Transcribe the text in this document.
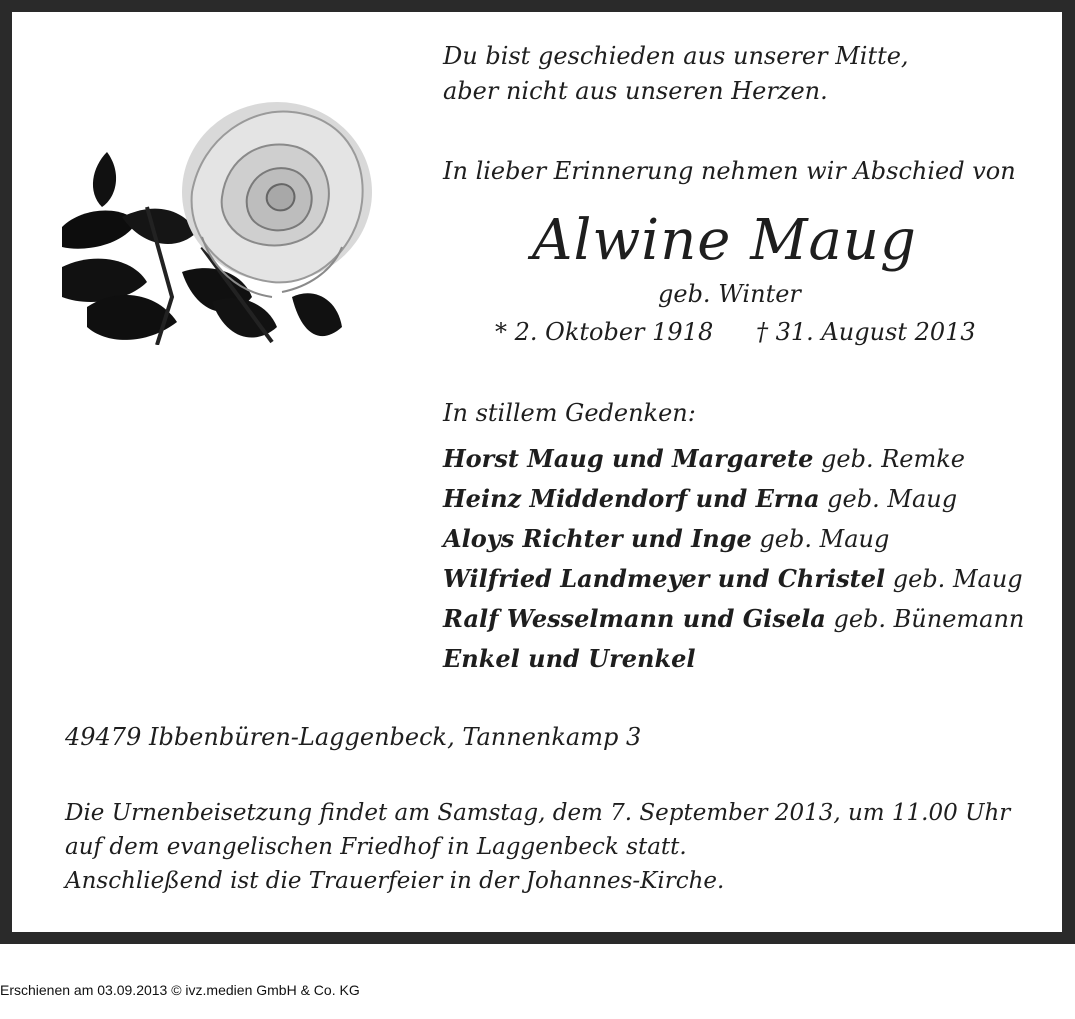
Du bist geschieden aus unserer Mitte,
aber nicht aus unseren Herzen.
In lieber Erinnerung nehmen wir Abschied von
Alwine Maug
geb. Winter
* 2. Oktober 1918 † 31. August 2013
In stillem Gedenken:
Horst Maug und Margarete geb. Remke
Heinz Middendorf und Erna geb. Maug
Aloys Richter und Inge geb. Maug
Wilfried Landmeyer und Christel geb. Maug
Ralf Wesselmann und Gisela geb. Bünemann
Enkel und Urenkel
49479 Ibbenbüren-Laggenbeck, Tannenkamp 3
Die Urnenbeisetzung findet am Samstag, dem 7. September 2013, um 11.00 Uhr
auf dem evangelischen Friedhof in Laggenbeck statt.
Anschließend ist die Trauerfeier in der Johannes-Kirche.
Erschienen am 03.09.2013 © ivz.medien GmbH & Co. KG
